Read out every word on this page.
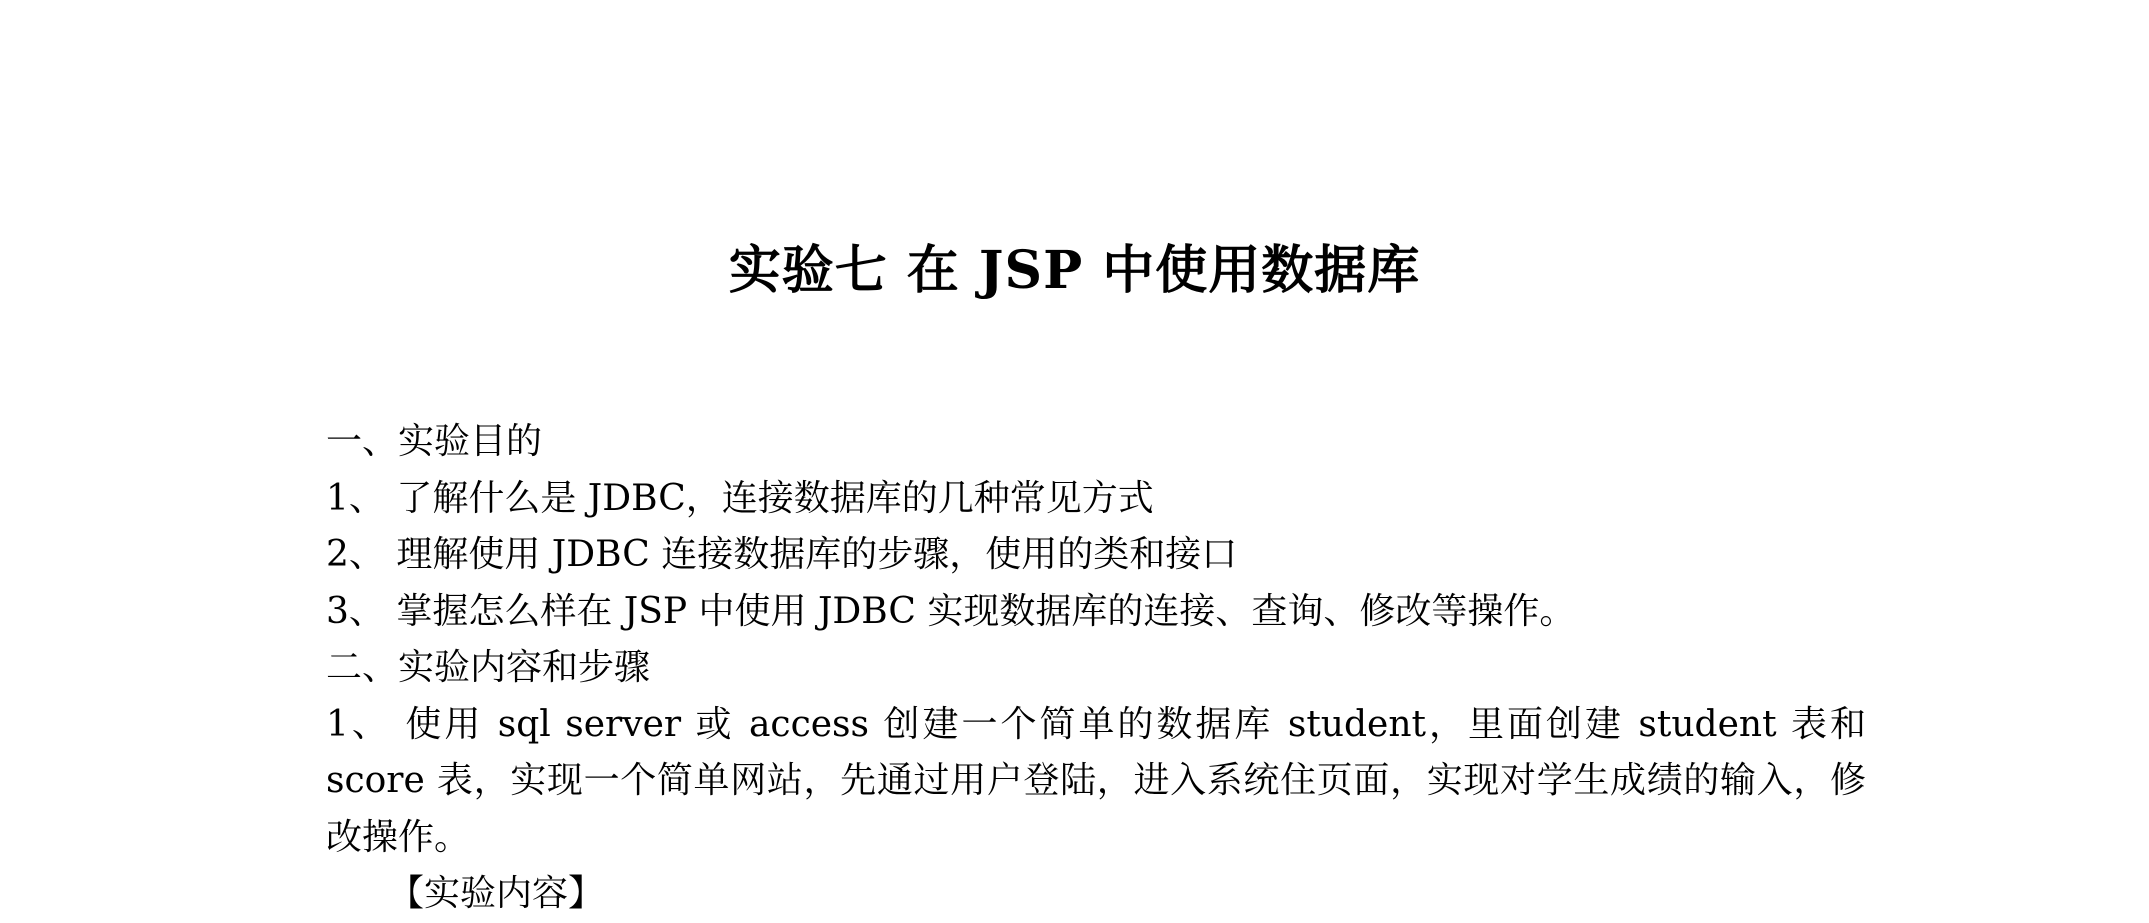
实验七 在 JSP 中使用数据库
一、实验目的
1、 了解什么是 JDBC，连接数据库的几种常见方式
2、 理解使用 JDBC 连接数据库的步骤，使用的类和接口
3、 掌握怎么样在 JSP 中使用 JDBC 实现数据库的连接、查询、修改等操作。
二、实验内容和步骤
1、 使用 sql server 或 access 创建一个简单的数据库 student，里面创建 student 表和 score 表，实现一个简单网站，先通过用户登陆，进入系统住页面，实现对学生成绩的输入，修改操作。
【实验内容】
